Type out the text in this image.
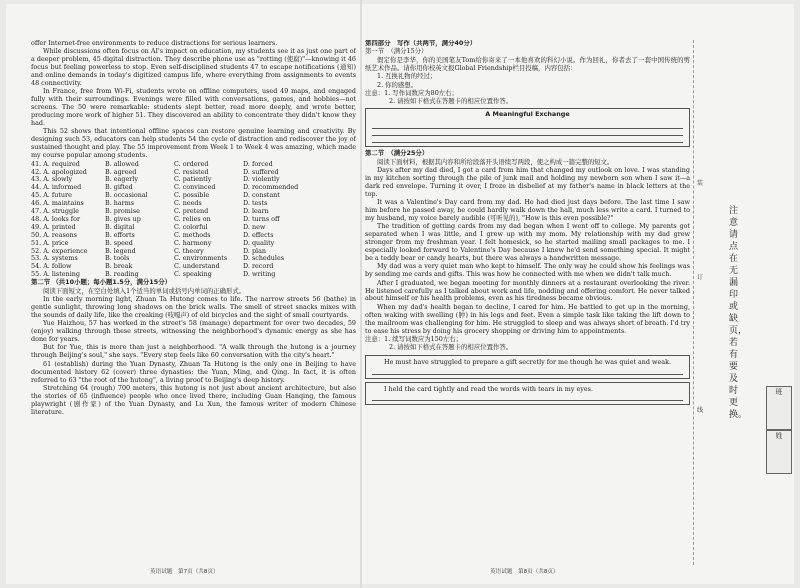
offer Internet-free environments to reduce distractions for serious learners.

While discussions often focus on AI's impact on education, my students see it as just one part of a deeper problem, 45 digital distraction. They describe phone use as "rotting (使腐)"—knowing it 46 focus but feeling powerless to stop. Even self-disciplined students 47 to escape notifications (通知) and online demands in today's digitized campus life, where everything from assignments to events 48 connectivity.

In France, free from Wi-Fi, students wrote on offline computers, used 49 maps, and engaged fully with their surroundings. Evenings were filled with conversations, games, and hobbies—not screens. The 50 were remarkable: students slept better, read more deeply, and wrote better, producing more work of higher 51. They discovered an ability to concentrate they didn't know they had.

This 52 shows that intentional offline spaces can restore genuine learning and creativity. By designing such 53, educators can help students 54 the cycle of distraction and rediscover the joy of sustained thought and play. The 55 improvement from Week 1 to Week 4 was amazing, which made my course popular among students.

41. A. required	B. allowed	C. ordered	D. forced
42. A. apologized	B. agreed	C. resisted	D. suffered
43. A. slowly	B. eagerly	C. patiently	D. violently
44. A. informed	B. gifted	C. convinced	D. recommended
45. A. future	B. occasional	C. possible	D. constant
46. A. maintains	B. harms	C. needs	D. tests
47. A. struggle	B. promise	C. pretend	D. learn
48. A. looks for	B. gives up	C. relies on	D. turns off
49. A. printed	B. digital	C. colorful	D. new
50. A. reasons	B. efforts	C. methods	D. effects
51. A. price	B. speed	C. harmony	D. quality
52. A. experience	B. legend	C. theory	D. plan
53. A. systems	B. tools	C. environments	D. schedules
54. A. follow	B. break	C. understand	D. record
55. A. listening	B. reading	C. speaking	D. writing

第二节 （共10小题；每小题1.5分，满分15分）

阅读下面短文，在空白处填入1个适当的单词或括号内单词的正确形式。

In the early morning light, Zhuan Ta Hutong comes to life. The narrow streets 56 (bathe) in gentle sunlight, throwing long shadows on the brick walls. The smell of street snacks mixes with the sounds of daily life, like the creaking (吱嘎声) of old bicycles and the sight of small courtyards.

Yue Haizhou, 57 has worked in the street's 58 (manage) department for over two decades, 59 (enjoy) walking through these streets, witnessing the neighborhood's dynamic energy as she has done for years.

But for Yue, this is more than just a neighborhood. "A walk through the hutong is a journey through Beijing's soul," she says. "Every step feels like 60 conversation with the city's heart."

61 (establish) during the Yuan Dynasty, Zhuan Ta Hutong is the only one in Beijing to have documented history 62 (cover) three dynasties: the Yuan, Ming, and Qing. In fact, it is often referred to 63 "the root of the hutong", a living proof to Beijing's deep history.

Stretching 64 (rough) 700 meters, this hutong is not just about ancient architecture, but also the stories of 65 (influence) people who once lived there, including Guan Hanqing, the famous playwright (剧作家) of the Yuan Dynasty, and Lu Xun, the famous writer of modern Chinese literature.

第四部分　写作（共两节，满分40分）

第一节　（满分15分）

假定你是李华，你的美国笔友Tom给你寄来了一本他喜欢的科幻小说。作为回礼，你者去了一套中国传统的剪纸艺术作品。请你用你校英文报Global Friendship栏目投稿，内容包括：

1. 互换礼物的经过；

2. 你的感想。

注意：1. 写作词数应为80左右；

2. 请按如下格式在答题卡的相应位置作答。

A Meaningful Exchange

第二节　（满分25分）

阅读下面材料，根据其内容和所给段落开头语续写两段，使之构成一篇完整的短文。

Days after my dad died, I got a card from him that changed my outlook on love. I was standing in my kitchen sorting through the pile of junk mail and holding my newborn son when I saw it—a dark red envelope. Turning it over, I froze in disbelief at my father's name in black letters at the top.

It was a Valentine's Day card from my dad. He had died just days before. The last time I saw him before he passed away, he could hardly walk down the hall, much less write a card. I turned to my husband, my voice barely audible (可听见的), "How is this even possible?"

The tradition of getting cards from my dad began when I went off to college. My parents got separated when I was little, and I grew up with my mom. My relationship with my dad grew stronger from my freshman year. I felt homesick, so he started mailing small packages to me. I especially looked forward to Valentine's Day because I knew he'd send something special. It might be a teddy bear or candy hearts, but there was always a handwritten message.

My dad was a very quiet man who kept to himself. The only way he could show his feelings was by sending me cards and gifts. This was how he connected with me when we didn't talk much.

After I graduated, we began meeting for monthly dinners at a restaurant overlooking the river. He listened carefully as I talked about work and life, nodding and offering comfort. He never talked about himself or his health problems, even as his tiredness became obvious.

When my dad's health began to decline, I cared for him. He battled to get up in the morning, often waking with swelling (肿) in his legs and feet. Even a simple task like taking the lift down to the mailroom was challenging for him. He struggled to sleep and was always short of breath. I'd try to ease his stress by doing his grocery shopping or driving him to appointments.

注意：1. 续写词数应为150左右；

2. 请按如下格式在答题卡的相应位置作答。

He must have struggled to prepare a gift secretly for me though he was quiet and weak.

I held the card tightly and read the words with tears in my eyes.

英语试题　第7页（共8页）	英语试题　第8页（共8页）
装
订
线
注意请点在无漏印或缺页，若有要及时更换。
班
姓
